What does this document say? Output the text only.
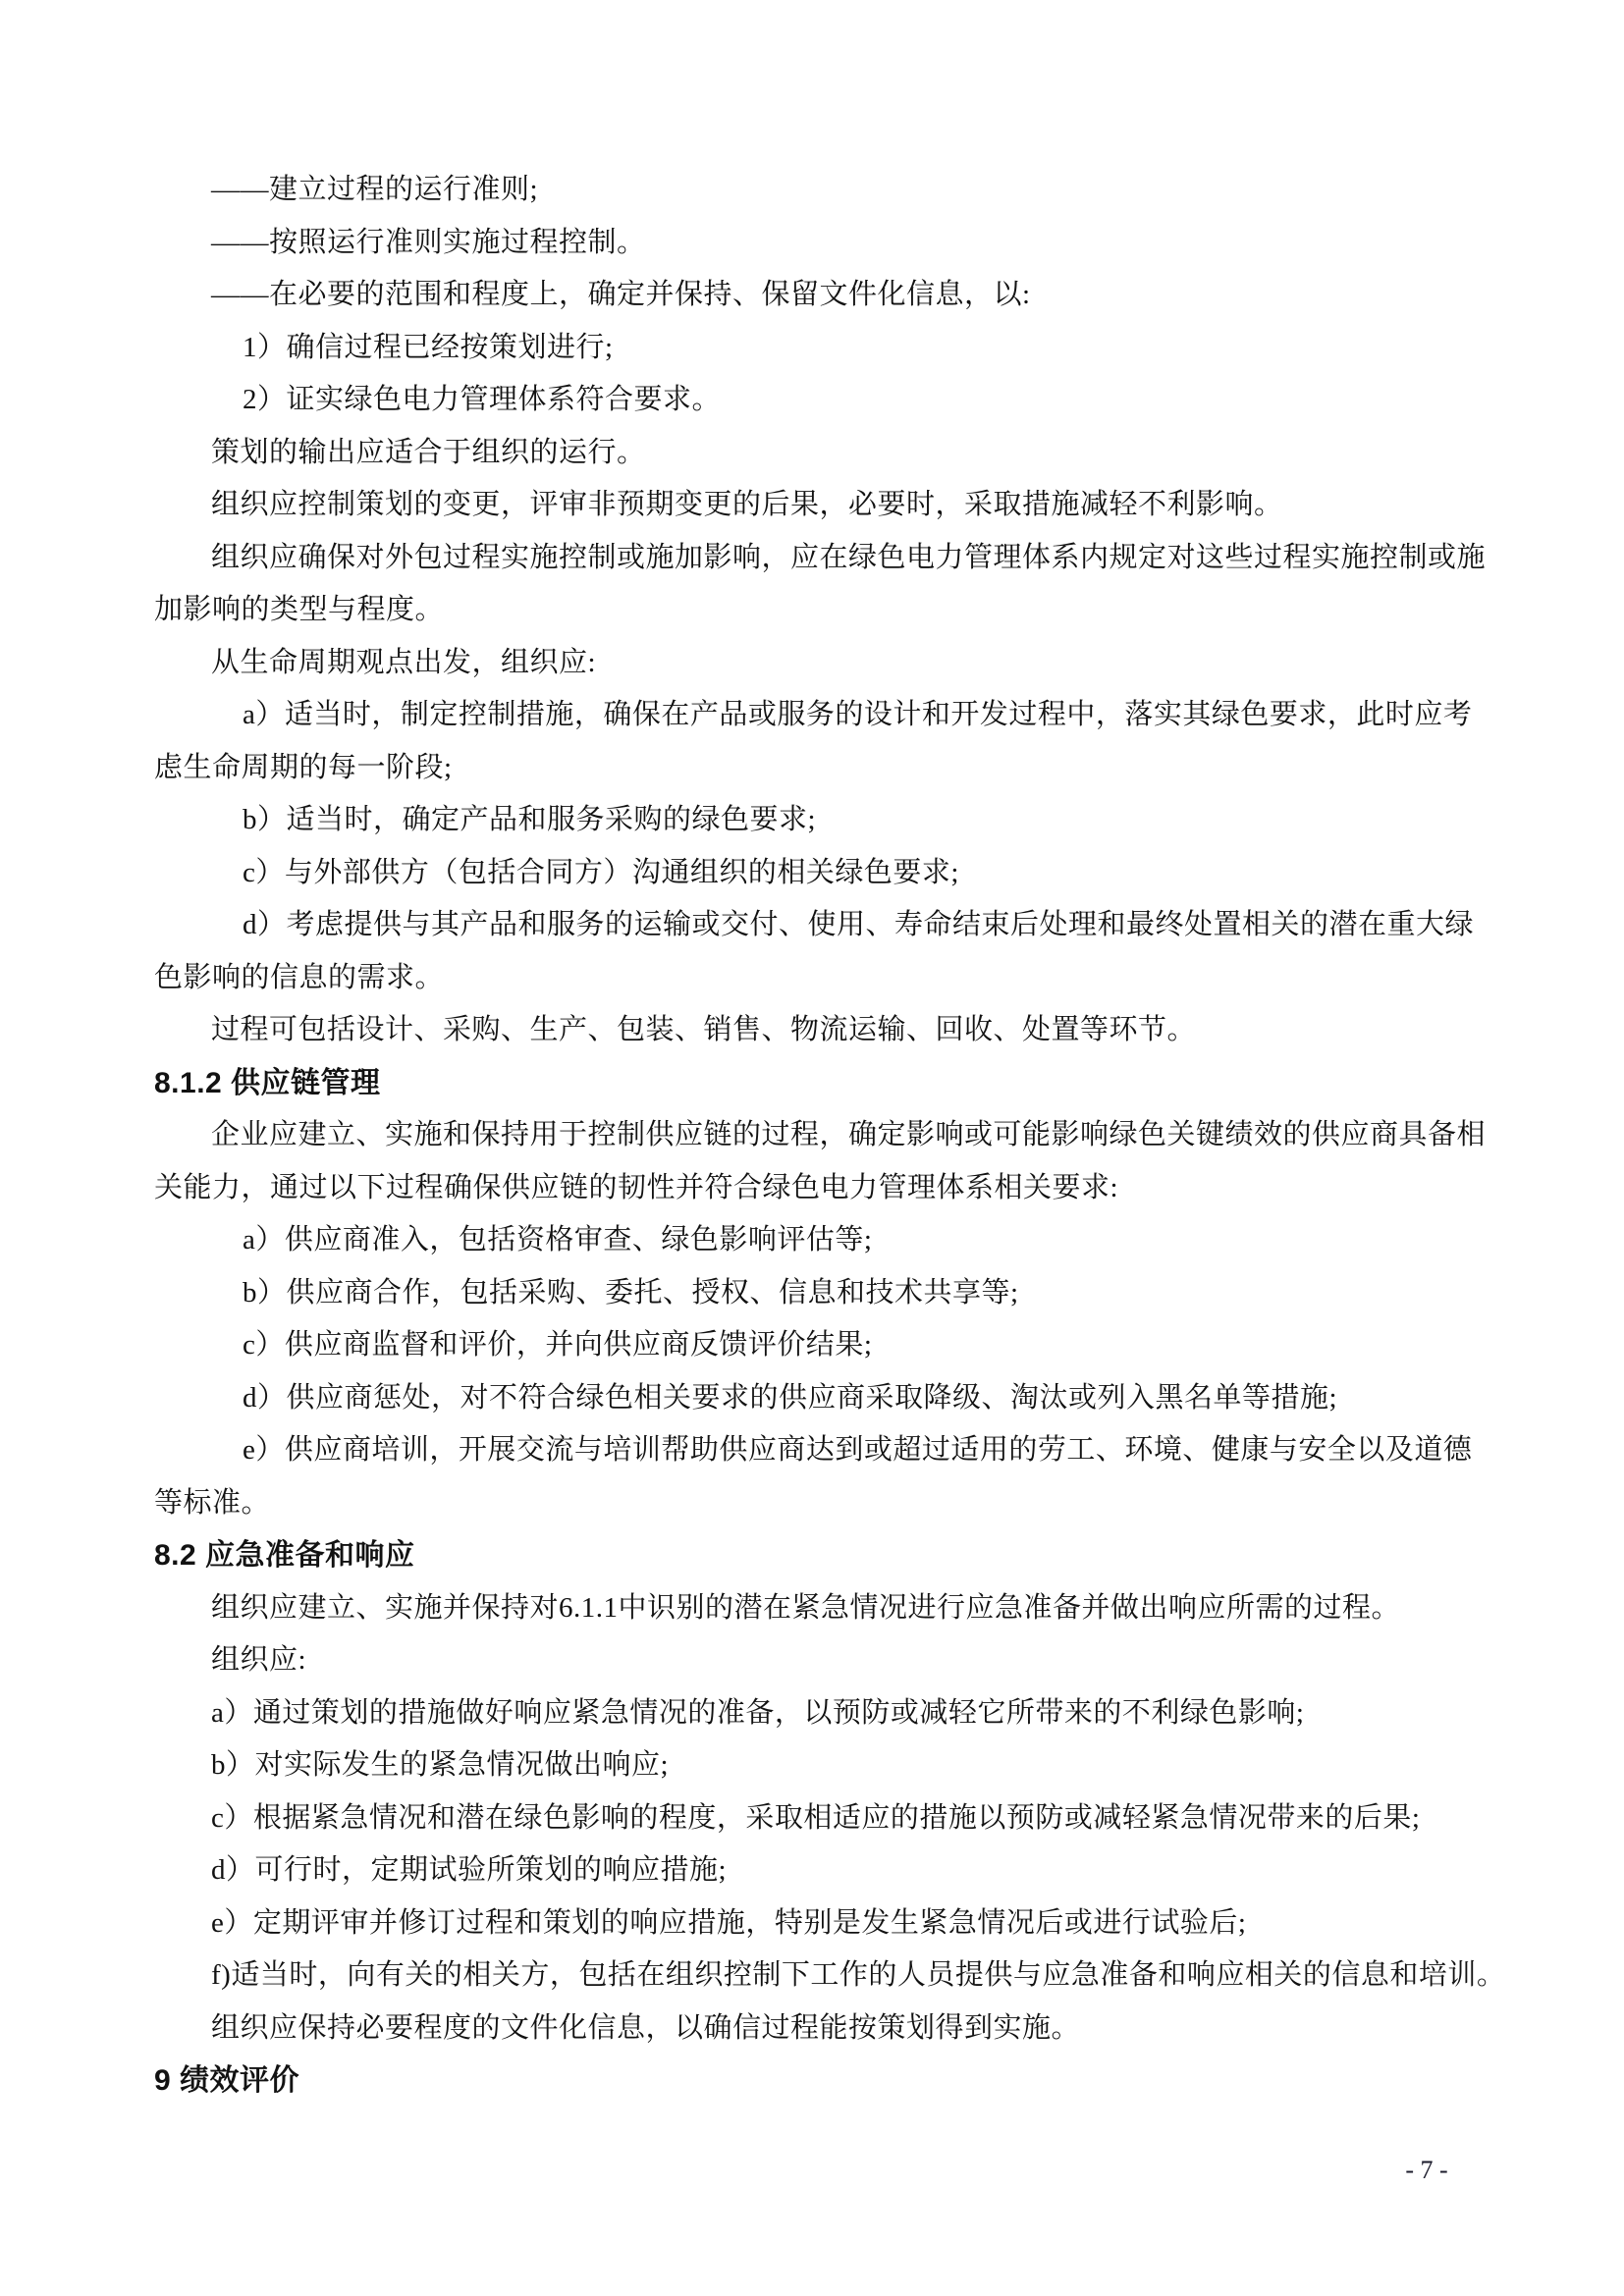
——建立过程的运行准则;
——按照运行准则实施过程控制。
——在必要的范围和程度上，确定并保持、保留文件化信息，以:
1）确信过程已经按策划进行;
2）证实绿色电力管理体系符合要求。
策划的输出应适合于组织的运行。
组织应控制策划的变更，评审非预期变更的后果，必要时，采取措施减轻不利影响。
组织应确保对外包过程实施控制或施加影响，应在绿色电力管理体系内规定对这些过程实施控制或施
加影响的类型与程度。
从生命周期观点出发，组织应:
a）适当时，制定控制措施，确保在产品或服务的设计和开发过程中，落实其绿色要求，此时应考
虑生命周期的每一阶段;
b）适当时，确定产品和服务采购的绿色要求;
c）与外部供方（包括合同方）沟通组织的相关绿色要求;
d）考虑提供与其产品和服务的运输或交付、使用、寿命结束后处理和最终处置相关的潜在重大绿
色影响的信息的需求。
过程可包括设计、采购、生产、包装、销售、物流运输、回收、处置等环节。
8.1.2 供应链管理
企业应建立、实施和保持用于控制供应链的过程，确定影响或可能影响绿色关键绩效的供应商具备相
关能力，通过以下过程确保供应链的韧性并符合绿色电力管理体系相关要求:
a）供应商准入，包括资格审查、绿色影响评估等;
b）供应商合作，包括采购、委托、授权、信息和技术共享等;
c）供应商监督和评价，并向供应商反馈评价结果;
d）供应商惩处，对不符合绿色相关要求的供应商采取降级、淘汰或列入黑名单等措施;
e）供应商培训，开展交流与培训帮助供应商达到或超过适用的劳工、环境、健康与安全以及道德
等标准。
8.2 应急准备和响应
组织应建立、实施并保持对6.1.1中识别的潜在紧急情况进行应急准备并做出响应所需的过程。
组织应:
a）通过策划的措施做好响应紧急情况的准备，以预防或减轻它所带来的不利绿色影响;
b）对实际发生的紧急情况做出响应;
c）根据紧急情况和潜在绿色影响的程度，采取相适应的措施以预防或减轻紧急情况带来的后果;
d）可行时，定期试验所策划的响应措施;
e）定期评审并修订过程和策划的响应措施，特别是发生紧急情况后或进行试验后;
f)适当时，向有关的相关方，包括在组织控制下工作的人员提供与应急准备和响应相关的信息和培训。
组织应保持必要程度的文件化信息，以确信过程能按策划得到实施。
9 绩效评价
- 7 -
